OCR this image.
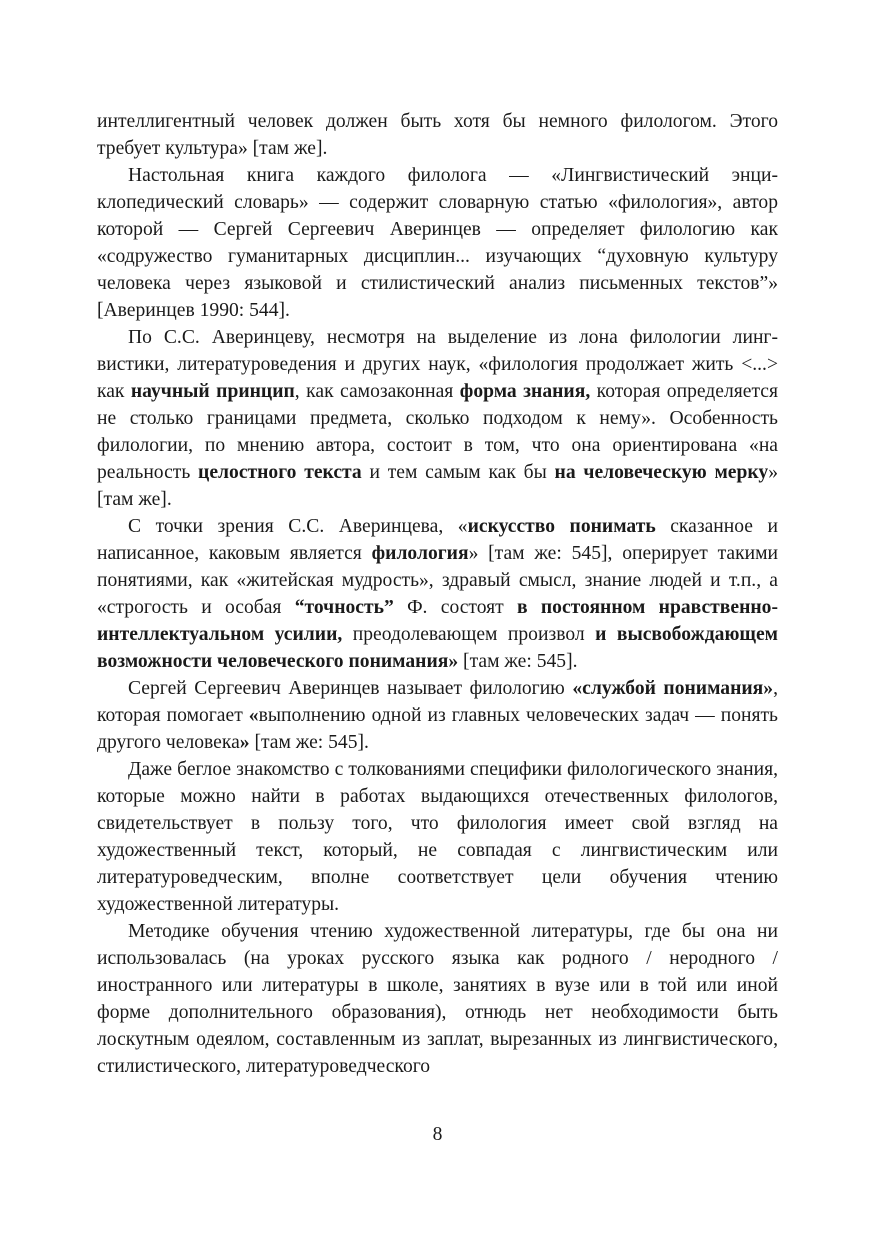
интеллигентный человек должен быть хотя бы немного филологом. Этого требует культура» [там же].

Настольная книга каждого филолога — «Лингвистический энциклопедический словарь» — содержит словарную статью «филология», автор которой — Сергей Сергеевич Аверинцев — определяет филологию как «содружество гуманитарных дисциплин... изучающих “духовную культуру человека через языковой и стилистический анализ письменных текстов”» [Аверинцев 1990: 544].

По С.С. Аверинцеву, несмотря на выделение из лона филологии лингвистики, литературоведения и других наук, «филология продолжает жить <...> как научный принцип, как самозаконная форма знания, которая определяется не столько границами предмета, сколько подходом к нему». Особенность филологии, по мнению автора, состоит в том, что она ориентирована «на реальность целостного текста и тем самым как бы на человеческую мерку» [там же].

С точки зрения С.С. Аверинцева, «искусство понимать сказанное и написанное, каковым является филология» [там же: 545], оперирует такими понятиями, как «житейская мудрость», здравый смысл, знание людей и т.п., а «строгость и особая “точность” Ф. состоят в постоянном нравственно-интеллектуальном усилии, преодолевающем произвол и высвобождающем возможности человеческого понимания» [там же: 545].

Сергей Сергеевич Аверинцев называет филологию «службой понимания», которая помогает «выполнению одной из главных человеческих задач — понять другого человека» [там же: 545].

Даже беглое знакомство с толкованиями специфики филологического знания, которые можно найти в работах выдающихся отечественных филологов, свидетельствует в пользу того, что филология имеет свой взгляд на художественный текст, который, не совпадая с лингвистическим или литературоведческим, вполне соответствует цели обучения чтению художественной литературы.

Методике обучения чтению художественной литературы, где бы она ни использовалась (на уроках русского языка как родного / неродного / иностранного или литературы в школе, занятиях в вузе или в той или иной форме дополнительного образования), отнюдь нет необходимости быть лоскутным одеялом, составленным из заплат, вырезанных из лингвистического, стилистического, литературоведческого

8
